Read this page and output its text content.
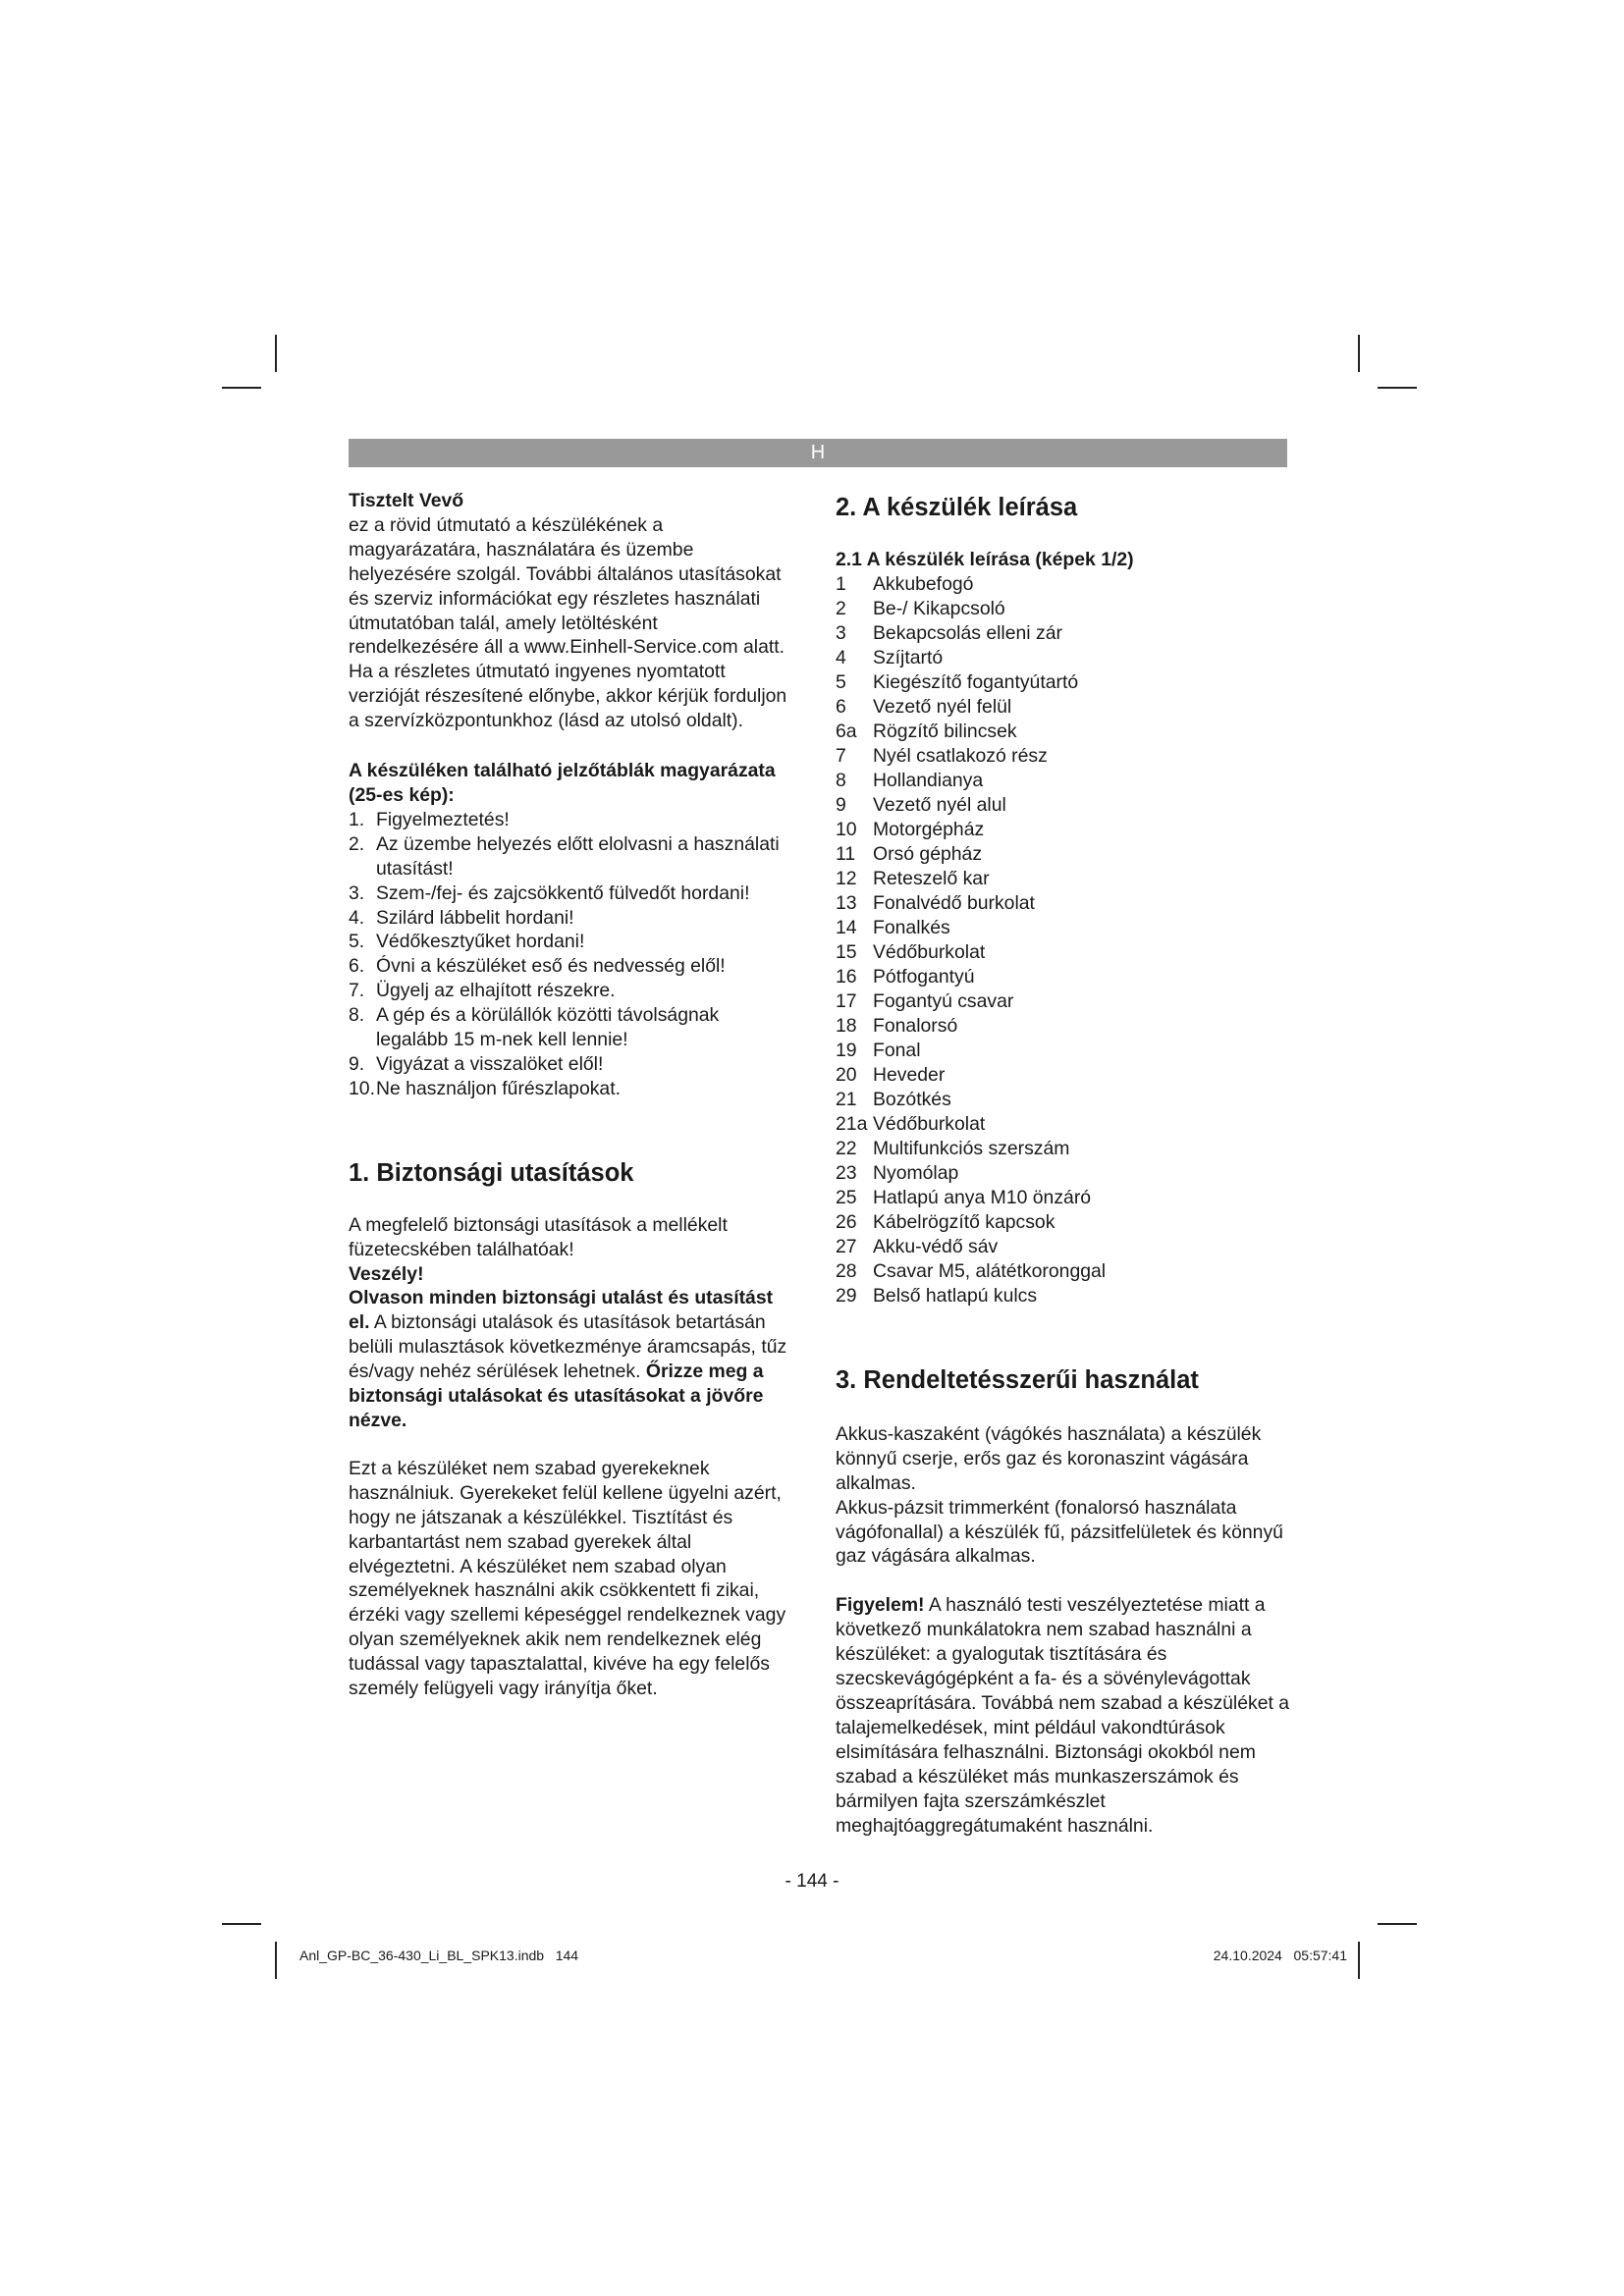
H

Tisztelt Vevő

ez a rövid útmutató a készülékének a magyarázatára, használatára és üzembe helyezésére szolgál. További általános utasításokat és szerviz információkat egy részletes használati útmutatóban talál, amely letöltésként rendelkezésére áll a www.Einhell-Service.com alatt. Ha a részletes útmutató ingyenes nyomtatott verzióját részesítené előnybe, akkor kérjük forduljon a szervízközpontunkhoz (lásd az utolsó oldalt).

A készüléken található jelzőtáblák magyarázata (25-es kép):

1. Figyelmeztetés!
2. Az üzembe helyezés előtt elolvasni a használati utasítást!
3. Szem-/fej- és zajcsökkentő fülvedőt hordani!
4. Szilárd lábbelit hordani!
5. Védőkesztyűket hordani!
6. Óvni a készüléket eső és nedvesség elől!
7. Ügyelj az elhajított részekre.
8. A gép és a körülállók közötti távolságnak legalább 15 m-nek kell lennie!
9. Vigyázat a visszalöket elől!
10. Ne használjon fűrészlapokat.
1. Biztonsági utasítások

A megfelelő biztonsági utasítások a mellékelt füzetecskében találhatóak!

Veszély!

Olvason minden biztonsági utalást és utasítást el. A biztonsági utalások és utasítások betartásán belüli mulasztások következménye áramcsapás, tűz és/vagy nehéz sérülések lehetnek. Őrizze meg a biztonsági utalásokat és utasításokat a jövőre nézve.

Ezt a készüléket nem szabad gyerekeknek használniuk. Gyerekeket felül kellene ügyelni azért, hogy ne játszanak a készülékkel. Tisztítást és karbantartást nem szabad gyerekek által elvégeztetni. A készüléket nem szabad olyan személyeknek használni akik csökkentett fi zikai, érzéki vagy szellemi képeséggel rendelkeznek vagy olyan személyeknek akik nem rendelkeznek elég tudással vagy tapasztalattal, kivéve ha egy felelős személy felügyeli vagy irányítja őket.

2. A készülék leírása

2.1 A készülék leírása (képek 1/2)

1	Akkubefogó
2	Be-/ Kikapcsoló
3	Bekapcsolás elleni zár
4	Szíjtartó
5	Kiegészítő fogantyútartó
6	Vezető nyél felül
6a Rögzítő bilincsek
7	Nyél csatlakozó rész
8	Hollandianya
9	Vezető nyél alul
10 Motorgépház
11 Orsó gépház
12 Reteszelő kar
13 Fonalvédő burkolat
14 Fonalkés
15 Védőburkolat
16 Pótfogantyú
17 Fogantyú csavar
18 Fonalorsó
19 Fonal
20 Heveder
21 Bozótkés
21a Védőburkolat
22 Multifunkciós szerszám
23 Nyomólap
25 Hatlapú anya M10 önzáró
26 Kábelrögzítő kapcsok
27 Akku-védő sáv
28 Csavar M5, alátétkoronggal
29 Belső hatlapú kulcs
3. Rendeltetésszerűi használat

Akkus-kaszaként (vágókés használata) a készülék könnyű cserje, erős gaz és koronaszint vágására alkalmas.

Akkus-pázsit trimmerként (fonalorsó használata vágófonallal) a készülék fű, pázsitfelületek és könnyű gaz vágására alkalmas.

Figyelem! A használó testi veszélyeztetése miatt a következő munkálatokra nem szabad használni a készüléket: a gyalogutak tisztítására és szecskevágógépként a fa- és a sövénylevágottak összeaprítására. Továbbá nem szabad a készüléket a talajemelkedések, mint például vakondtúrások elsimítására felhasználni. Biztonsági okokból nem szabad a készüléket más munkaszerszámok és bármilyen fajta szerszámkészlet meghajtóaggregátumaként használni.

- 144 -
Anl_GP-BC_36-430_Li_BL_SPK13.indb   144	24.10.2024   05:57:41
